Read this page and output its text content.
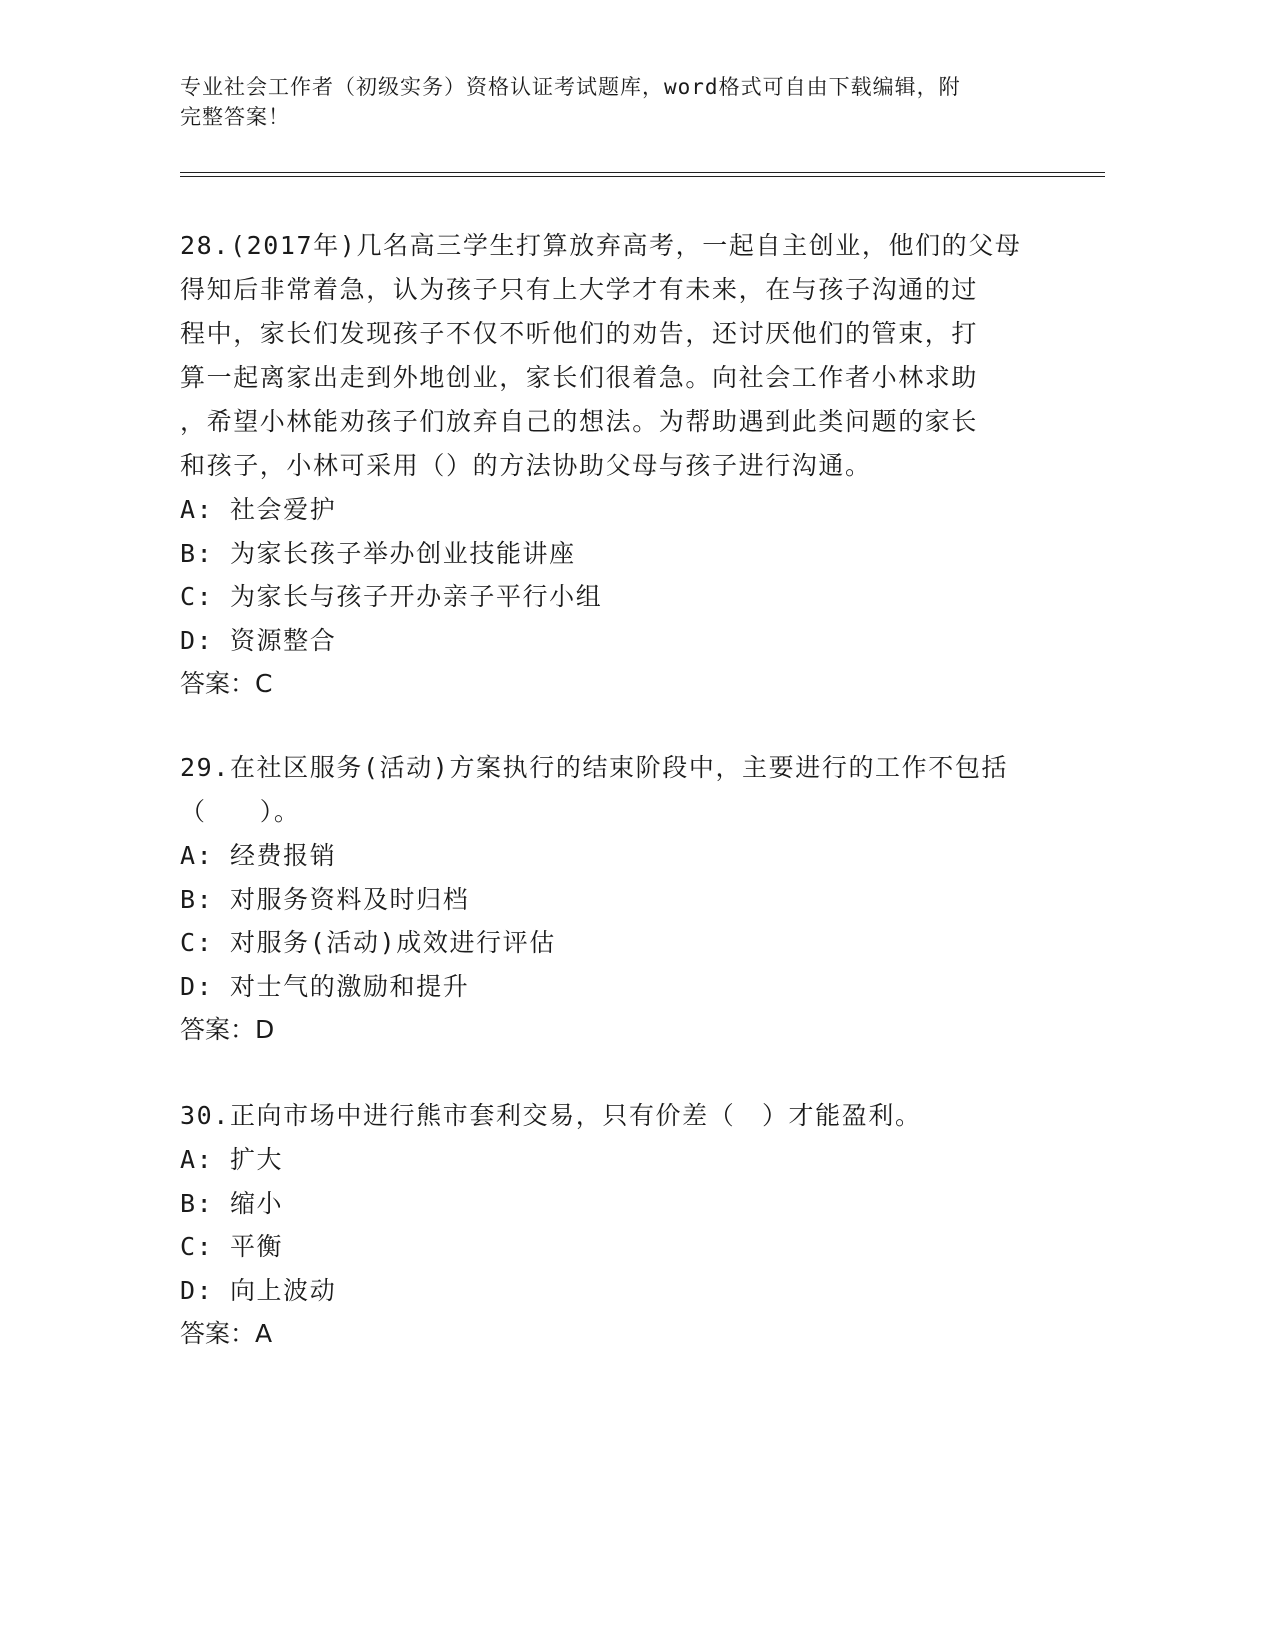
专业社会工作者（初级实务）资格认证考试题库，word格式可自由下载编辑，附
完整答案！

28.(2017年)几名高三学生打算放弃高考，一起自主创业，他们的父母

得知后非常着急，认为孩子只有上大学才有未来，在与孩子沟通的过

程中，家长们发现孩子不仅不听他们的劝告，还讨厌他们的管束，打

算一起离家出走到外地创业，家长们很着急。向社会工作者小林求助

，希望小林能劝孩子们放弃自己的想法。为帮助遇到此类问题的家长

和孩子，小林可采用（）的方法协助父母与孩子进行沟通。

A: 社会爱护

B: 为家长孩子举办创业技能讲座

C: 为家长与孩子开办亲子平行小组

D: 资源整合

答案：C

29.在社区服务(活动)方案执行的结束阶段中，主要进行的工作不包括

（　　）。

A: 经费报销

B: 对服务资料及时归档

C: 对服务(活动)成效进行评估

D: 对士气的激励和提升

答案：D

30.正向市场中进行熊市套利交易，只有价差（　）才能盈利。

A: 扩大

B: 缩小

C: 平衡

D: 向上波动

答案：A
